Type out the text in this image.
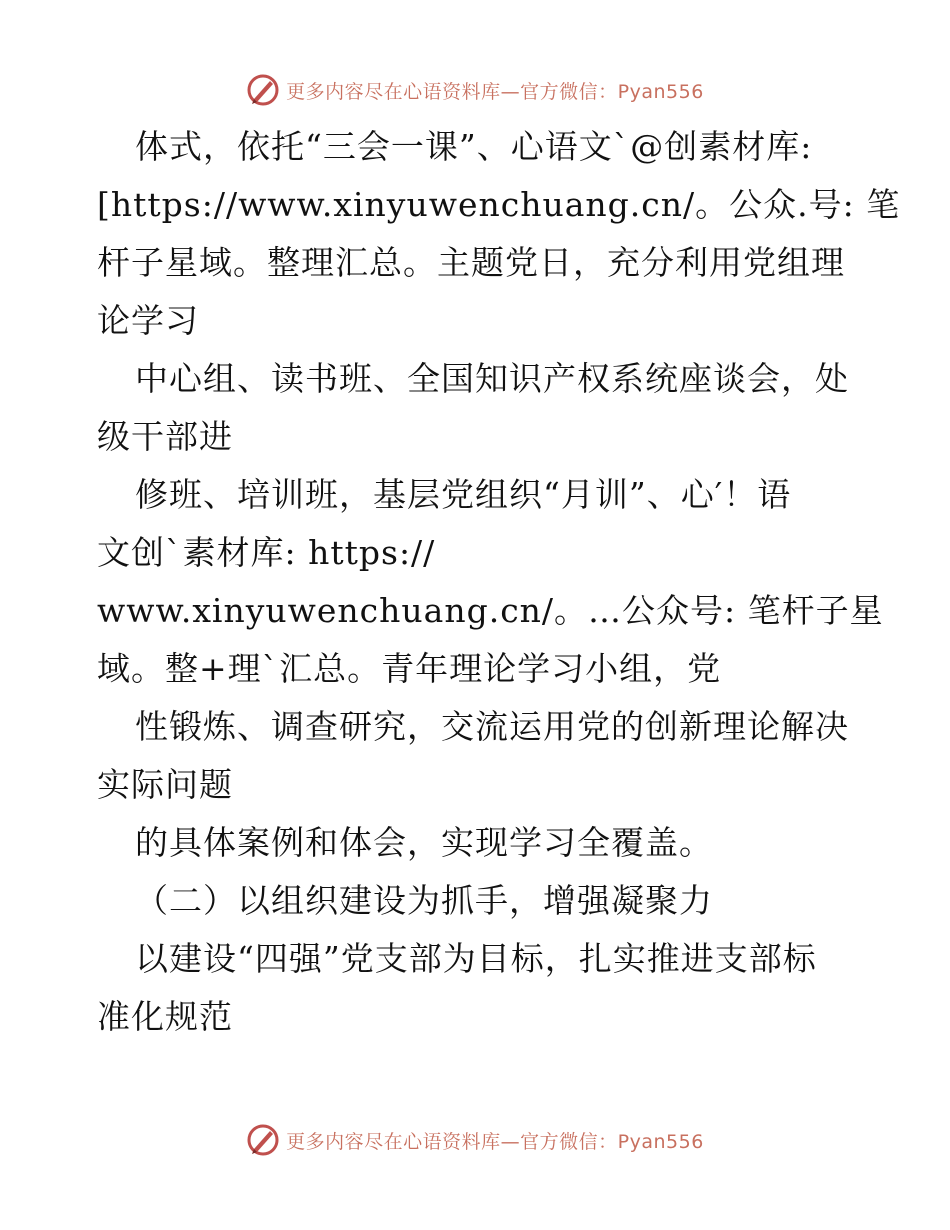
更多内容尽在心语资料库—官方微信：Pyan556
体式，依托“三会一课”、心语文`@创素材库:
[https://www.xinyuwenchuang.cn/。公众.号: 笔
杆子星域。整理汇总。主题党日，充分利用党组理
论学习
中心组、读书班、全国知识产权系统座谈会，处
级干部进
修班、培训班，基层党组织“月训”、心′！语
文创`素材库: https://
www.xinyuwenchuang.cn/。…公众号: 笔杆子星
域。整+理`汇总。青年理论学习小组，党
性锻炼、调查研究，交流运用党的创新理论解决
实际问题
的具体案例和体会，实现学习全覆盖。
（二）以组织建设为抓手，增强凝聚力
以建设“四强”党支部为目标，扎实推进支部标
准化规范
更多内容尽在心语资料库—官方微信：Pyan556
